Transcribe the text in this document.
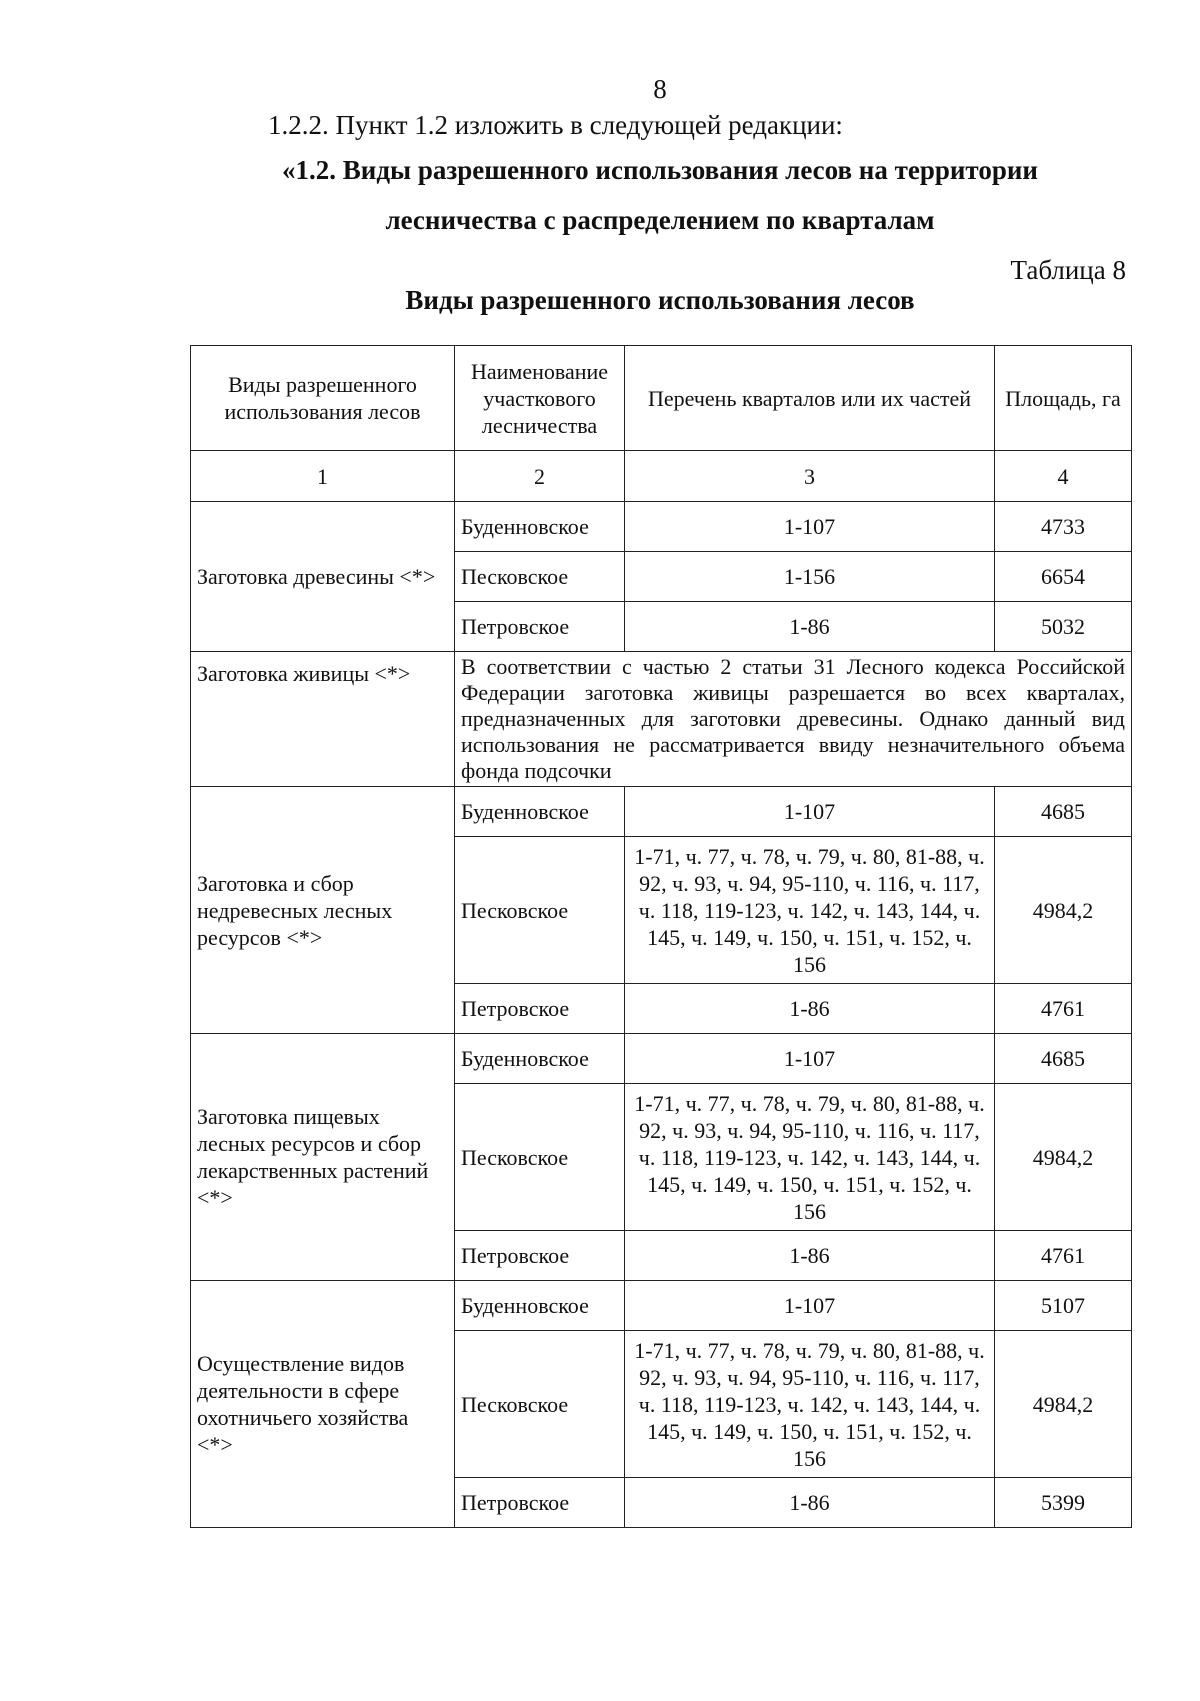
8
1.2.2. Пункт 1.2 изложить в следующей редакции:
«1.2. Виды разрешенного использования лесов на территории
лесничества с распределением по кварталам
Таблица 8
Виды разрешенного использования лесов
Виды разрешенного использования лесов	Наименование участкового лесничества	Перечень кварталов или их частей	Площадь, га
1	2	3	4
Заготовка древесины <*>	Буденновское	1-107	4733
	Песковское	1-156	6654
	Петровское	1-86	5032
Заготовка живицы <*>	В соответствии с частью 2 статьи 31 Лесного кодекса Российской Федерации заготовка живицы разрешается во всех кварталах, предназначенных для заготовки древесины. Однако данный вид использования не рассматривается ввиду незначительного объема фонда подсочки		
Заготовка и сбор недревесных лесных ресурсов <*>	Буденновское	1-107	4685
	Песковское	1-71, ч. 77, ч. 78, ч. 79, ч. 80, 81-88, ч. 92, ч. 93, ч. 94, 95-110, ч. 116, ч. 117, ч. 118, 119-123, ч. 142, ч. 143, 144, ч. 145, ч. 149, ч. 150, ч. 151, ч. 152, ч. 156	4984,2
	Петровское	1-86	4761
Заготовка пищевых лесных ресурсов и сбор лекарственных растений <*>	Буденновское	1-107	4685
	Песковское	1-71, ч. 77, ч. 78, ч. 79, ч. 80, 81-88, ч. 92, ч. 93, ч. 94, 95-110, ч. 116, ч. 117, ч. 118, 119-123, ч. 142, ч. 143, 144, ч. 145, ч. 149, ч. 150, ч. 151, ч. 152, ч. 156	4984,2
	Петровское	1-86	4761
Осуществление видов деятельности в сфере охотничьего хозяйства <*>	Буденновское	1-107	5107
	Песковское	1-71, ч. 77, ч. 78, ч. 79, ч. 80, 81-88, ч. 92, ч. 93, ч. 94, 95-110, ч. 116, ч. 117, ч. 118, 119-123, ч. 142, ч. 143, 144, ч. 145, ч. 149, ч. 150, ч. 151, ч. 152, ч. 156	4984,2
	Петровское	1-86	5399
